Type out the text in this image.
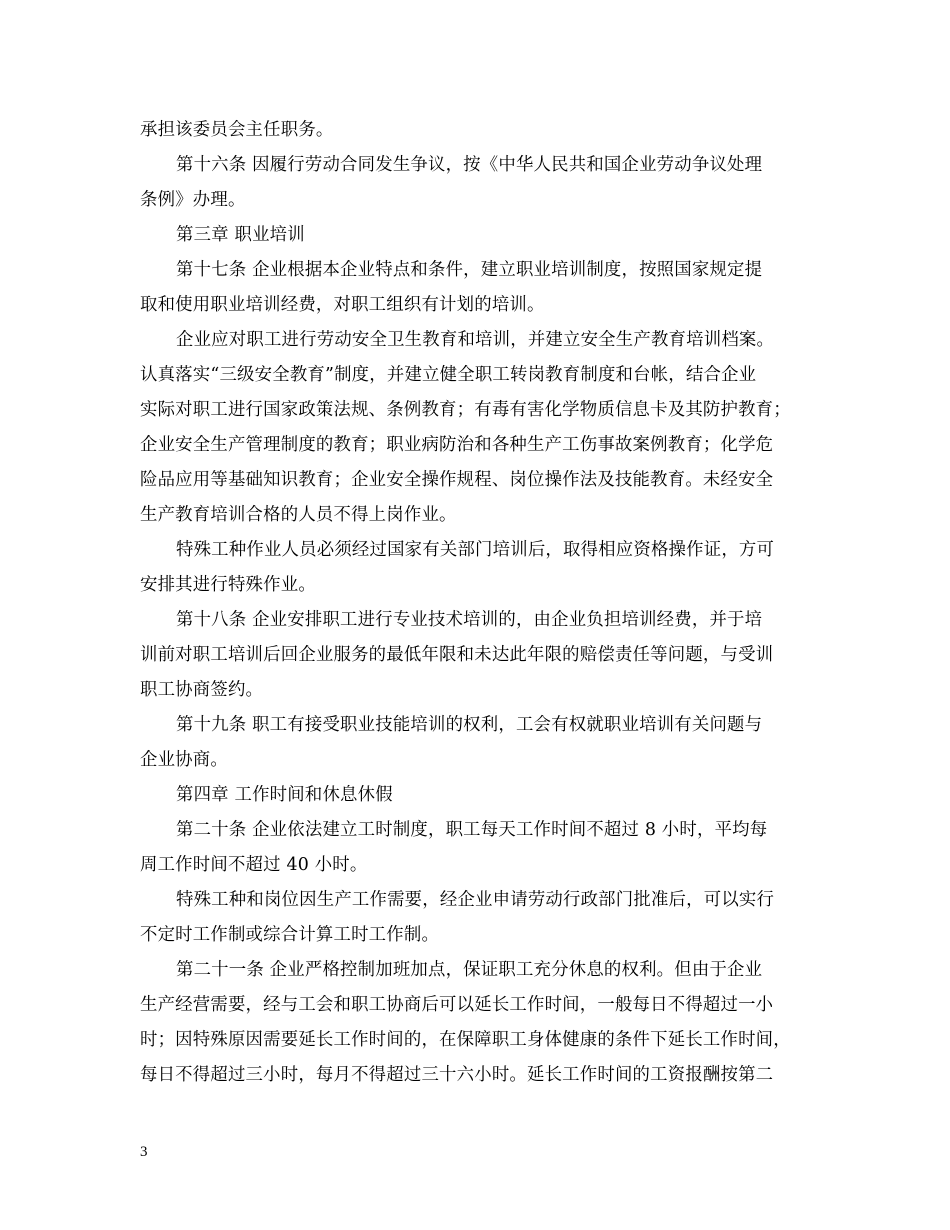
承担该委员会主任职务。
第十六条 因履行劳动合同发生争议，按《中华人民共和国企业劳动争议处理
条例》办理。
第三章 职业培训
第十七条 企业根据本企业特点和条件，建立职业培训制度，按照国家规定提
取和使用职业培训经费，对职工组织有计划的培训。
企业应对职工进行劳动安全卫生教育和培训，并建立安全生产教育培训档案。
认真落实“三级安全教育”制度，并建立健全职工转岗教育制度和台帐，结合企业
实际对职工进行国家政策法规、条例教育；有毒有害化学物质信息卡及其防护教育；
企业安全生产管理制度的教育；职业病防治和各种生产工伤事故案例教育；化学危
险品应用等基础知识教育；企业安全操作规程、岗位操作法及技能教育。未经安全
生产教育培训合格的人员不得上岗作业。
特殊工种作业人员必须经过国家有关部门培训后，取得相应资格操作证，方可
安排其进行特殊作业。
第十八条 企业安排职工进行专业技术培训的，由企业负担培训经费，并于培
训前对职工培训后回企业服务的最低年限和未达此年限的赔偿责任等问题，与受训
职工协商签约。
第十九条 职工有接受职业技能培训的权利，工会有权就职业培训有关问题与
企业协商。
第四章 工作时间和休息休假
第二十条 企业依法建立工时制度，职工每天工作时间不超过 8 小时，平均每
周工作时间不超过 40 小时。
特殊工种和岗位因生产工作需要，经企业申请劳动行政部门批准后，可以实行
不定时工作制或综合计算工时工作制。
第二十一条 企业严格控制加班加点，保证职工充分休息的权利。但由于企业
生产经营需要，经与工会和职工协商后可以延长工作时间，一般每日不得超过一小
时；因特殊原因需要延长工作时间的，在保障职工身体健康的条件下延长工作时间，
每日不得超过三小时，每月不得超过三十六小时。延长工作时间的工资报酬按第二
3
